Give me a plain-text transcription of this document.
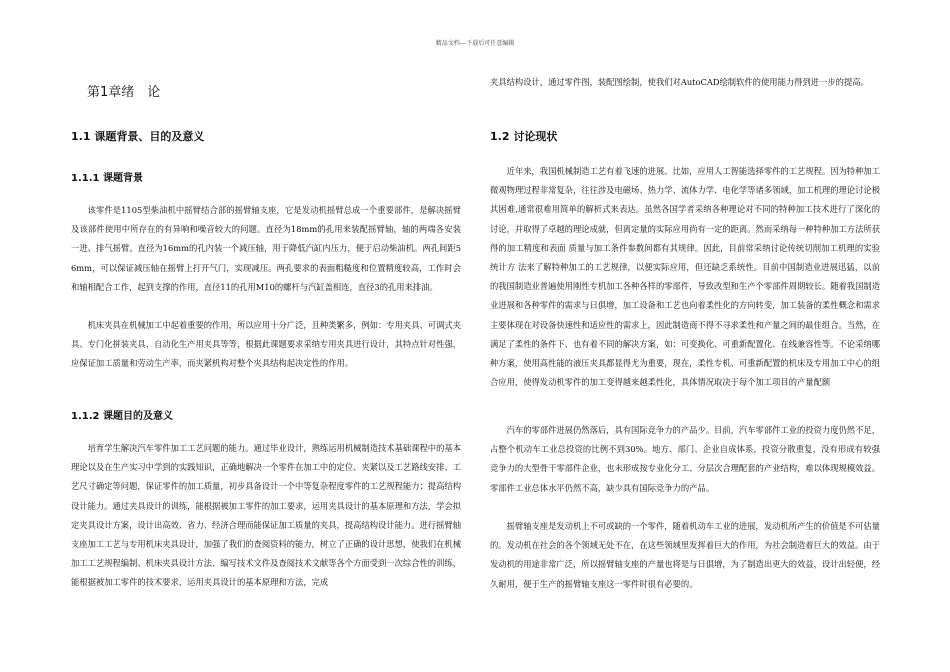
精品文档---下载后可任意编辑
第1章绪　论
1.1 课题背景、目的及意义
1.1.1 课题背景

该零件是1105型柴油机中摇臂结合部的摇臂轴支座，它是发动机摇臂总成一个重要部件，是解决摇臂及该部件使用中所存在的有异响和噪音较大的问题。直径为18mm的孔用来装配摇臂轴，轴的两端各安装一进、排气摇臂。直径为16mm的孔内装一个减压轴，用于降低汽缸内压力，便于启动柴油机。两孔间距56mm，可以保证减压轴在摇臂上打开气门，实现减压。两孔要求的表面粗糙度和位置精度较高，工作时会和轴相配合工作，起到支撑的作用，直径11的孔用M10的螺杆与汽缸盖相连，直径3的孔用来排油。

机床夹具在机械加工中起着重要的作用，所以应用十分广泛，且种类繁多，例如：专用夹具、可调式夹具、专门化拼装夹具、自动化生产用夹具等等，根据此课题要求采纳专用夹具进行设计，其特点针对性强，应保证加工质量和劳动生产率，而夹紧机构对整个夹具结构起决定性的作用。

1.1.2 课题目的及意义

培育学生解决汽车零件加工工艺问题的能力。通过毕业设计，熟练运用机械制造技术基础课程中的基本理论以及在生产实习中学到的实践知识，正确地解决一个零件在加工中的定位、夹紧以及工艺路线安排、工艺尺寸确定等问题，保证零件的加工质量，初步具备设计一个中等复杂程度零件的工艺规程能力；提高结构设计能力。通过夹具设计的训练，能根据被加工零件的加工要求，运用夹具设计的基本原理和方法，学会拟定夹具设计方案，设计出高效、省力、经济合理而能保证加工质量的夹具，提高结构设计能力。进行摇臂轴支座加工工艺与专用机床夹具设计，加强了我们的查阅资料的能力，树立了正确的设计思想，使我们在机械加工工艺规程编制、机床夹具设计方法、编写技术文件及查阅技术文献等各个方面受到一次综合性的训练，能根据被加工零件的技术要求，运用夹具设计的基本原理和方法，完成

夹具结构设计，通过零件图，装配图绘制，使我们对AutoCAD绘制软件的使用能力得到进一步的提高。

1.2 讨论现状

近年来，我国机械制造工艺有着飞速的进展。比如，应用人工智能选择零件的工艺规程。因为特种加工微观物理过程非常复杂，往往涉及电磁场、热力学、流体力学、电化学等诸多领域，加工机理的理论讨论极其困难,通常很难用简单的解析式来表达。虽然各国学者采纳各种理论对不同的特种加工技术进行了深化的讨论，并取得了卓越的理论成就，但离定量的实际应用尚有一定的距离。然而采纳每一种特种加工方法所获得的加工精度和表面 质量与加工条件参数间都有其规律。因此，目前常采纳讨论传统切削加工机理的实验统计方 法来了解特种加工的工艺规律，以便实际应用，但还缺乏系统性。目前中国制造业进展迅猛，以前的我国制造业普遍使用刚性专机加工各种各样的零部件，导致改型和生产个零部件周期较长。随着我国制造业进展和各种零件的需求与日俱增，加工设备和工艺也向着柔性化的方向转变，加工装备的柔性概念和需求主要体现在对设备快速性和适应性的需求上，因此制造商不得不寻求柔性和产量之间的最佳组合。当然，在满足了柔性的条件下、也有着不同的解决方案，如：可变换化、可重新配置化、在线兼容性等。不论采纳哪种方案，使用高性能的液压夹具都显得尤为重要，现在，柔性专机、可重新配置的机床及专用加工中心的组合应用，使得发动机零件的加工变得越来越柔性化，具体情况取决于每个加工项目的产量配额

汽车的零部件进展仍然落后，具有国际竞争力的产品少。目前，汽车零部件工业的投资力度仍然不足，占整个机动车工业总投资的比例不到30%。地方、部门、企业自成体系，投资分散重复，没有形成有较强竞争力的大型骨干零部件企业，也未形成按专业化分工、分层次合理配套的产业结构，难以体现规模效益。零部件工业总体水平仍然不高，缺少具有国际竞争力的产品。

摇臂轴支座是发动机上不可或缺的一个零件，随着机动车工业的进展，发动机所产生的价值是不可估量的。发动机在社会的各个领域无处不在，在这些领域里发挥着巨大的作用，为社会制造着巨大的效益。由于发动机的用途非常广泛，所以摇臂轴支座的产量也将是与日俱增，为了制造出更大的效益，设计出轻便，经久耐用，便于生产的摇臂轴支座这一零件时很有必要的。
